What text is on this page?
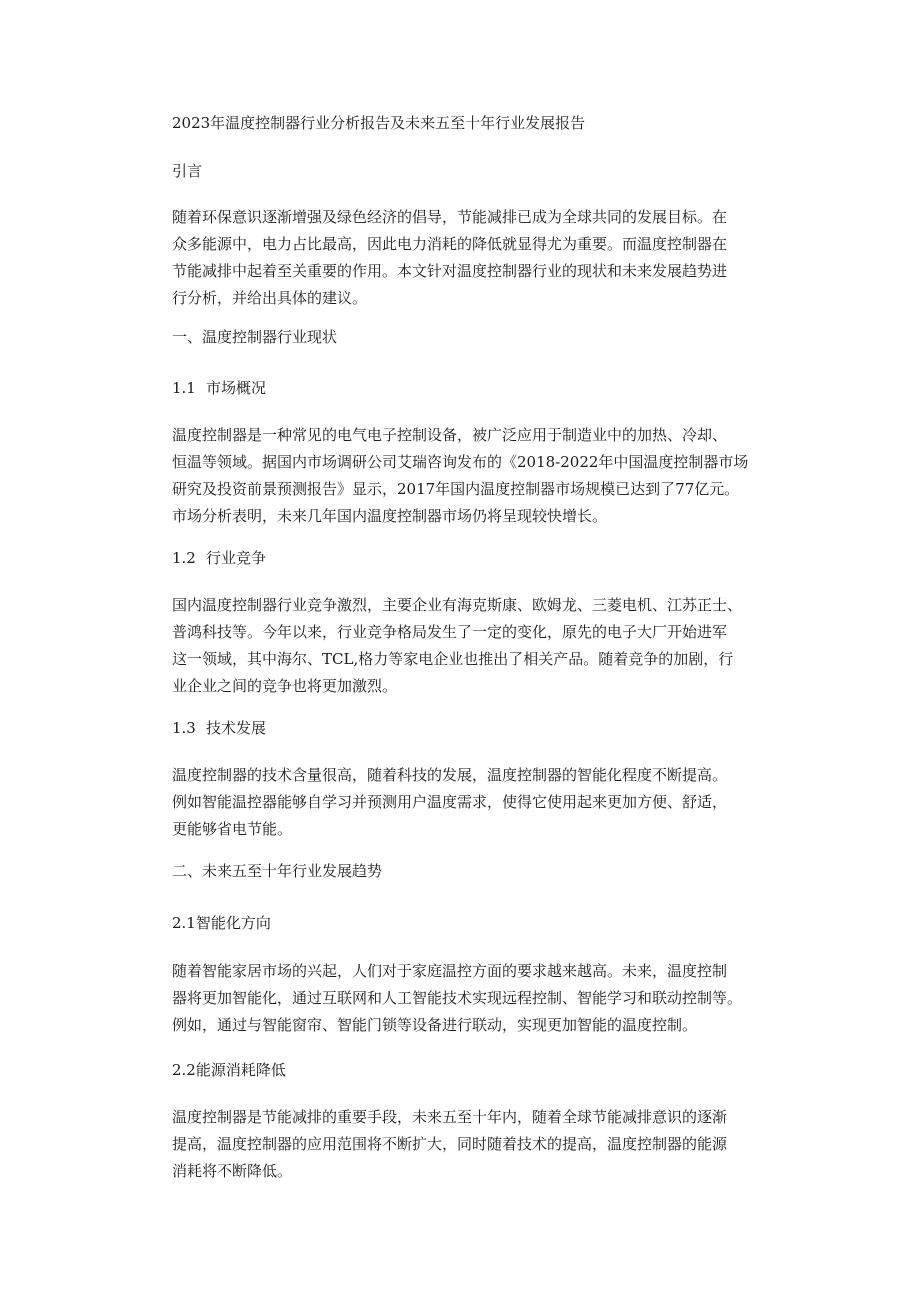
2023年温度控制器行业分析报告及未来五至十年行业发展报告

引言

随着环保意识逐渐增强及绿色经济的倡导，节能减排已成为全球共同的发展目标。在
众多能源中，电力占比最高，因此电力消耗的降低就显得尤为重要。而温度控制器在
节能减排中起着至关重要的作用。本文针对温度控制器行业的现状和未来发展趋势进
行分析，并给出具体的建议。

一、温度控制器行业现状

1.1 市场概况

温度控制器是一种常见的电气电子控制设备，被广泛应用于制造业中的加热、冷却、
恒温等领域。据国内市场调研公司艾瑞咨询发布的《2018-2022年中国温度控制器市场
研究及投资前景预测报告》显示，2017年国内温度控制器市场规模已达到了77亿元。
市场分析表明，未来几年国内温度控制器市场仍将呈现较快增长。

1.2 行业竞争

国内温度控制器行业竞争激烈，主要企业有海克斯康、欧姆龙、三菱电机、江苏正士、
普鸿科技等。今年以来，行业竞争格局发生了一定的变化，原先的电子大厂开始进军
这一领域，其中海尔、TCL,格力等家电企业也推出了相关产品。随着竞争的加剧，行
业企业之间的竞争也将更加激烈。

1.3 技术发展

温度控制器的技术含量很高，随着科技的发展，温度控制器的智能化程度不断提高。
例如智能温控器能够自学习并预测用户温度需求，使得它使用起来更加方便、舒适，
更能够省电节能。

二、未来五至十年行业发展趋势

2.1智能化方向

随着智能家居市场的兴起，人们对于家庭温控方面的要求越来越高。未来，温度控制
器将更加智能化，通过互联网和人工智能技术实现远程控制、智能学习和联动控制等。
例如，通过与智能窗帘、智能门锁等设备进行联动，实现更加智能的温度控制。

2.2能源消耗降低

温度控制器是节能减排的重要手段，未来五至十年内，随着全球节能减排意识的逐渐
提高，温度控制器的应用范围将不断扩大，同时随着技术的提高，温度控制器的能源
消耗将不断降低。
